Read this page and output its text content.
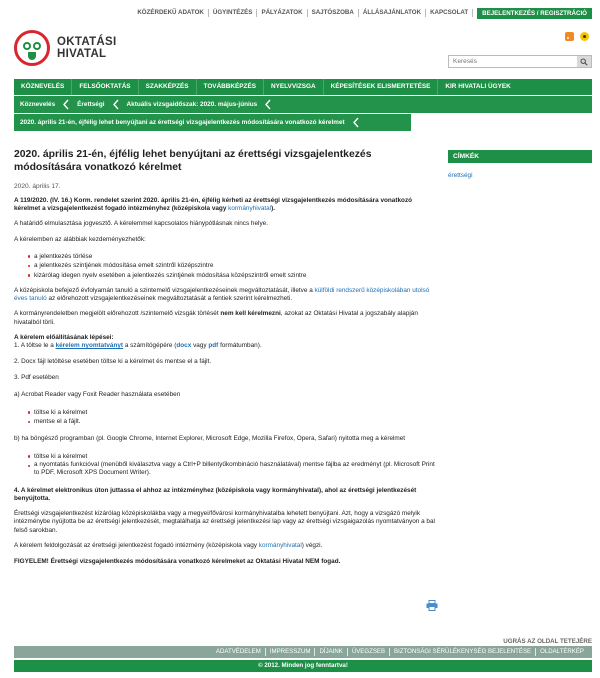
KÖZÉRDEKŰ ADATOK	ÜGYINTÉZÉS	PÁLYÁZATOK	SAJTÓSZOBA	ÁLLÁSAJÁNLATOK	KAPCSOLAT	BEJELENTKEZÉS / REGISZTRÁCIÓ
OKTATÁSI
HIVATAL
Keresés
KÖZNEVELÉS	FELSŐOKTATÁS	SZAKKÉPZÉS	TOVÁBBKÉPZÉS	NYELVVIZSGA	KÉPESÍTÉSEK ELISMERTETÉSE	KIR HIVATALI ÜGYEK
Köznevelés	Érettségi	Aktuális vizsgaidőszak: 2020. május-június
2020. április 21-én, éjfélig lehet benyújtani az érettségi vizsgajelentkezés módosítására vonatkozó kérelmet
2020. április 21-én, éjfélig lehet benyújtani az érettségi vizsgajelentkezés módosítására vonatkozó kérelmet
2020. április 17.
A 119/2020. (IV. 16.) Korm. rendelet szerint 2020. április 21-én, éjfélig kérheti az érettségi vizsgajelentkezés módosítására vonatkozó kérelmet a vizsgajelentkezést fogadó intézményhez (középiskola vagy kormányhivatal).
A határidő elmulasztása jogvesztő. A kérelemmel kapcsolatos hiánypótlásnak nincs helye.
A kérelemben az alábbiak kezdeményezhetők:
a jelentkezés törlése
a jelentkezés szintjének módosítása emelt szintről középszintre
kizárólag idegen nyelv esetében a jelentkezés szintjének módosítása középszintről emelt szintre
A középiskola befejező évfolyamán tanuló a szintemelő vizsgajelentkezéseinek megváltoztatását, illetve a külföldi rendszerű középiskolában utolsó éves tanuló az előrehozott vizsgajelentkezéseinek megváltoztatását a fentiek szerint kérelmezheti.
A kormányrendeletben megjelölt előrehozott /szintemelő vizsgák törlését nem kell kérelmezni, azokat az Oktatási Hivatal a jogszabály alapján hivatalból törli.
A kérelem előállításának lépései:
1. A töltse le a kérelem nyomtatványt a számítógépére (docx vagy pdf formátumban).
2. Docx fájl letöltése esetében töltse ki a kérelmet és mentse el a fájlt.
3. Pdf esetében
a) Acrobat Reader vagy Foxit Reader használata esetében
töltse ki a kérelmet
mentse el a fájlt.
b) ha böngésző programban (pl. Google Chrome, Internet Explorer, Microsoft Edge, Mozilla Firefox, Opera, Safari) nyitotta meg a kérelmet
töltse ki a kérelmet
a nyomtatás funkcióval (menüből kiválasztva vagy a Ctrl+P billentyűkombináció használatával) mentse fájlba az eredményt (pl. Microsoft Print to PDF, Microsoft XPS Document Writer).
4. A kérelmet elektronikus úton juttassa el ahhoz az intézményhez (középiskola vagy kormányhivatal), ahol az érettségi jelentkezését benyújtotta.
Érettségi vizsgajelentkezést kizárólag középiskolákba vagy a megyei/fővárosi kormányhivatalba lehetett benyújtani. Azt, hogy a vizsgázó melyik intézménybe nyújtotta be az érettségi jelentkezését, megtalálhatja az érettségi jelentkezési lap vagy az érettségi vizsgaigazolás nyomtatványon a bal felső sarokban.
A kérelem feldolgozását az érettségi jelentkezést fogadó intézmény (középiskola vagy kormányhivatal) végzi.
FIGYELEM! Érettségi vizsgajelentkezés módosítására vonatkozó kérelmeket az Oktatási Hivatal NEM fogad.
CÍMKÉK
érettségi
UGRÁS AZ OLDAL TETEJÉRE
ADATVÉDELEM	IMPRESSZUM	DÍJAINK	ÜVEGZSEB	BIZTONSÁGI SÉRÜLÉKENYSÉG BEJELENTÉSE	OLDALTÉRKÉP
© 2012. Minden jog fenntartva!
